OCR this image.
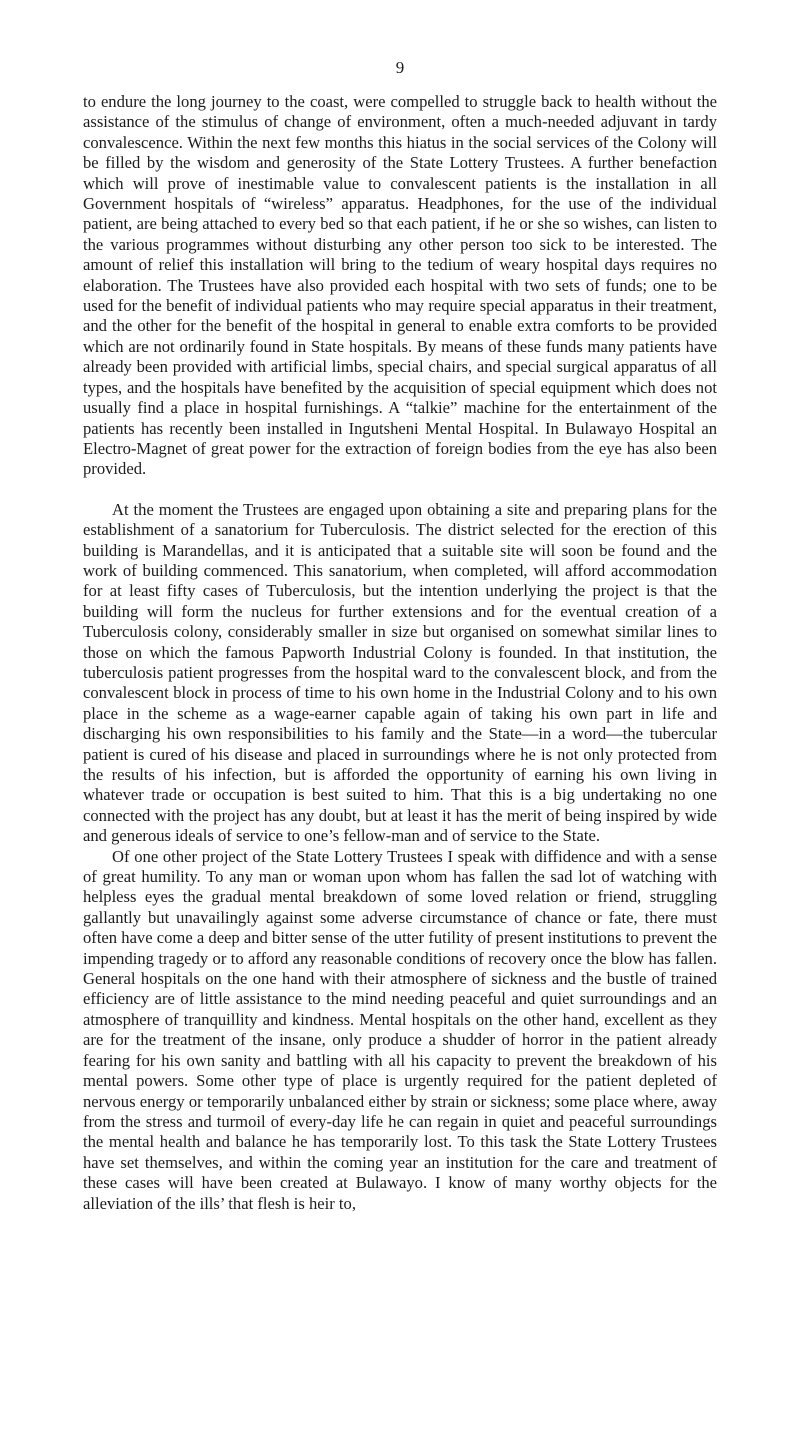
9

to endure the long journey to the coast, were compelled to struggle back to health without the assistance of the stimulus of change of environment, often a much-needed adjuvant in tardy convalescence. Within the next few months this hiatus in the social services of the Colony will be filled by the wisdom and generosity of the State Lottery Trustees. A further benefaction which will prove of inestimable value to convalescent patients is the installation in all Government hospitals of “wireless” apparatus. Headphones, for the use of the individual patient, are being attached to every bed so that each patient, if he or she so wishes, can listen to the various programmes without disturbing any other person too sick to be interested. The amount of relief this installation will bring to the tedium of weary hospital days requires no elaboration. The Trustees have also provided each hospital with two sets of funds; one to be used for the benefit of individual patients who may require special apparatus in their treatment, and the other for the benefit of the hospital in general to enable extra comforts to be provided which are not ordinarily found in State hospitals. By means of these funds many patients have already been provided with artificial limbs, special chairs, and special surgical apparatus of all types, and the hospitals have benefited by the acquisition of special equipment which does not usually find a place in hospital furnishings. A “talkie” machine for the entertainment of the patients has recently been installed in Ingutsheni Mental Hospital. In Bulawayo Hospital an Electro-Magnet of great power for the extraction of foreign bodies from the eye has also been provided.

At the moment the Trustees are engaged upon obtaining a site and preparing plans for the establishment of a sanatorium for Tuberculosis. The district selected for the erection of this building is Marandellas, and it is anticipated that a suitable site will soon be found and the work of building commenced. This sanatorium, when completed, will afford accommodation for at least fifty cases of Tuberculosis, but the intention underlying the project is that the building will form the nucleus for further extensions and for the eventual creation of a Tuberculosis colony, considerably smaller in size but organised on somewhat similar lines to those on which the famous Papworth Industrial Colony is founded. In that institution, the tuberculosis patient progresses from the hospital ward to the convalescent block, and from the convalescent block in process of time to his own home in the Industrial Colony and to his own place in the scheme as a wage-earner capable again of taking his own part in life and discharging his own responsibilities to his family and the State—in a word—the tubercular patient is cured of his disease and placed in surroundings where he is not only protected from the results of his infection, but is afforded the opportunity of earning his own living in whatever trade or occupation is best suited to him. That this is a big undertaking no one connected with the project has any doubt, but at least it has the merit of being inspired by wide and generous ideals of service to one’s fellow-man and of service to the State.

Of one other project of the State Lottery Trustees I speak with diffidence and with a sense of great humility. To any man or woman upon whom has fallen the sad lot of watching with helpless eyes the gradual mental breakdown of some loved relation or friend, struggling gallantly but unavailingly against some adverse circumstance of chance or fate, there must often have come a deep and bitter sense of the utter futility of present institutions to prevent the impending tragedy or to afford any reasonable conditions of recovery once the blow has fallen. General hospitals on the one hand with their atmosphere of sickness and the bustle of trained efficiency are of little assistance to the mind needing peaceful and quiet surroundings and an atmosphere of tranquillity and kindness. Mental hospitals on the other hand, excellent as they are for the treatment of the insane, only produce a shudder of horror in the patient already fearing for his own sanity and battling with all his capacity to prevent the breakdown of his mental powers. Some other type of place is urgently required for the patient depleted of nervous energy or temporarily unbalanced either by strain or sickness; some place where, away from the stress and turmoil of every-day life he can regain in quiet and peaceful surroundings the mental health and balance he has temporarily lost. To this task the State Lottery Trustees have set themselves, and within the coming year an institution for the care and treatment of these cases will have been created at Bulawayo. I know of many worthy objects for the alleviation of the ills’ that flesh is heir to,
